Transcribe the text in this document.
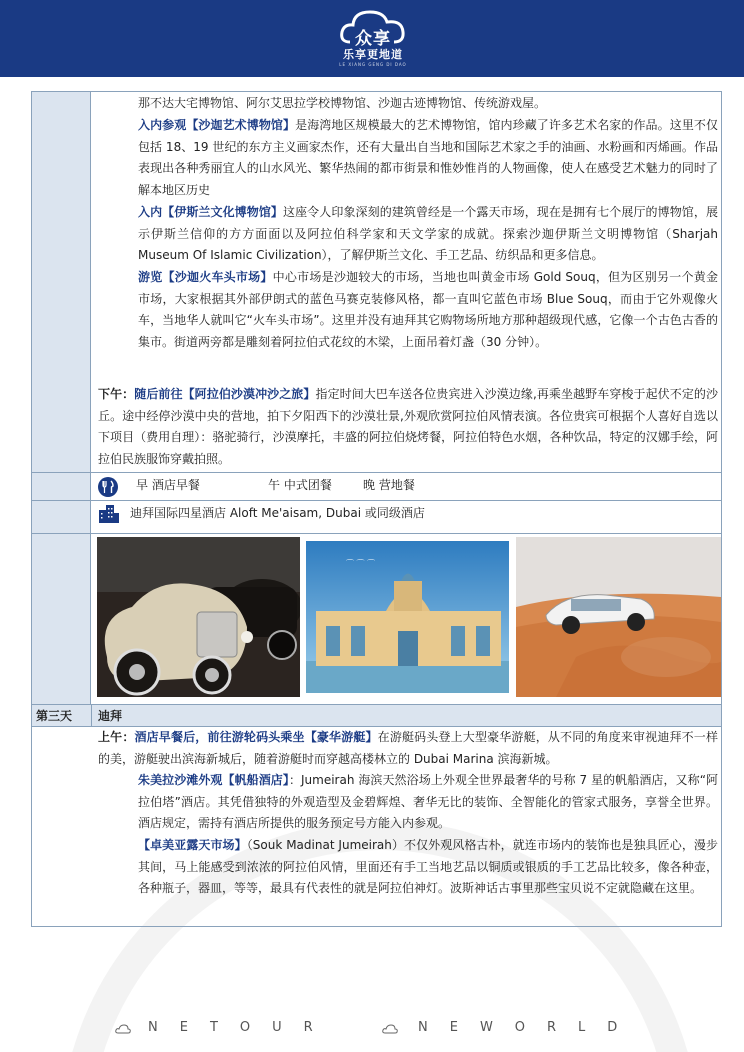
众享
乐享更地道
LE XIANG GENG DI DAO
第三天 迪拜
那不达大宅博物馆、阿尔艾思拉学校博物馆、沙迦古迹博物馆、传统游戏屋。
入内参观【沙迦艺术博物馆】是海湾地区规模最大的艺术博物馆，馆内珍藏了许多艺术名家的作品。这里不仅包括 18、19 世纪的东方主义画家杰作，还有大量出自当地和国际艺术家之手的油画、水粉画和丙烯画。作品表现出各种秀丽宜人的山水风光、繁华热闹的都市街景和惟妙惟肖的人物画像，使人在感受艺术魅力的同时了解本地区历史
入内【伊斯兰文化博物馆】这座令人印象深刻的建筑曾经是一个露天市场，现在是拥有七个展厅的博物馆，展示伊斯兰信仰的方方面面以及阿拉伯科学家和天文学家的成就。探索沙迦伊斯兰文明博物馆（Sharjah Museum Of Islamic Civilization），了解伊斯兰文化、手工艺品、纺织品和更多信息。
游览【沙迦火车头市场】中心市场是沙迦较大的市场，当地也叫黄金市场 Gold Souq，但为区别另一个黄金市场，大家根据其外部伊朗式的蓝色马赛克装修风格，都一直叫它蓝色市场 Blue Souq，而由于它外观像火车，当地华人就叫它“火车头市场”。这里并没有迪拜其它购物场所地方那种超级现代感，它像一个古色古香的集市。街道两旁都是雕刻着阿拉伯式花纹的木梁，上面吊着灯盏（30 分钟）。
下午：随后前往【阿拉伯沙漠冲沙之旅】指定时间大巴车送各位贵宾进入沙漠边缘,再乘坐越野车穿梭于起伏不定的沙丘。途中经停沙漠中央的营地，拍下夕阳西下的沙漠壮景,外观欣赏阿拉伯风情表演。各位贵宾可根据个人喜好自选以下项目（费用自理）：骆驼骑行，沙漠摩托，丰盛的阿拉伯烧烤餐，阿拉伯特色水烟，各种饮品，特定的汉娜手绘，阿拉伯民族服饰穿戴拍照。
早 酒店早餐	午 中式团餐	晚 营地餐
迪拜国际四星酒店 Aloft Me'aisam, Dubai 或同级酒店
上午：酒店早餐后，前往游轮码头乘坐【豪华游艇】在游艇码头登上大型豪华游艇，从不同的角度来审视迪拜不一样的美，游艇驶出滨海新城后，随着游艇时而穿越高楼林立的 Dubai Marina 滨海新城。
朱美拉沙滩外观【帆船酒店】：Jumeirah 海滨天然浴场上外观全世界最奢华的号称 7 星的帆船酒店，又称“阿拉伯塔”酒店。其凭借独特的外观造型及金碧辉煌、奢华无比的装饰、全智能化的管家式服务，享誉全世界。酒店规定，需持有酒店所提供的服务预定号方能入内参观。
【卓美亚露天市场】（Souk Madinat Jumeirah）不仅外观风格古朴，就连市场内的装饰也是独具匠心，漫步其间，马上能感受到浓浓的阿拉伯风情，里面还有手工当地艺品以铜质或银质的手工艺品比较多，像各种壶，各种瓶子，器皿，等等，最具有代表性的就是阿拉伯神灯。波斯神话古事里那些宝贝说不定就隐藏在这里。
⌒ ⌒ ⌒
NETOUR	NEWORLD
